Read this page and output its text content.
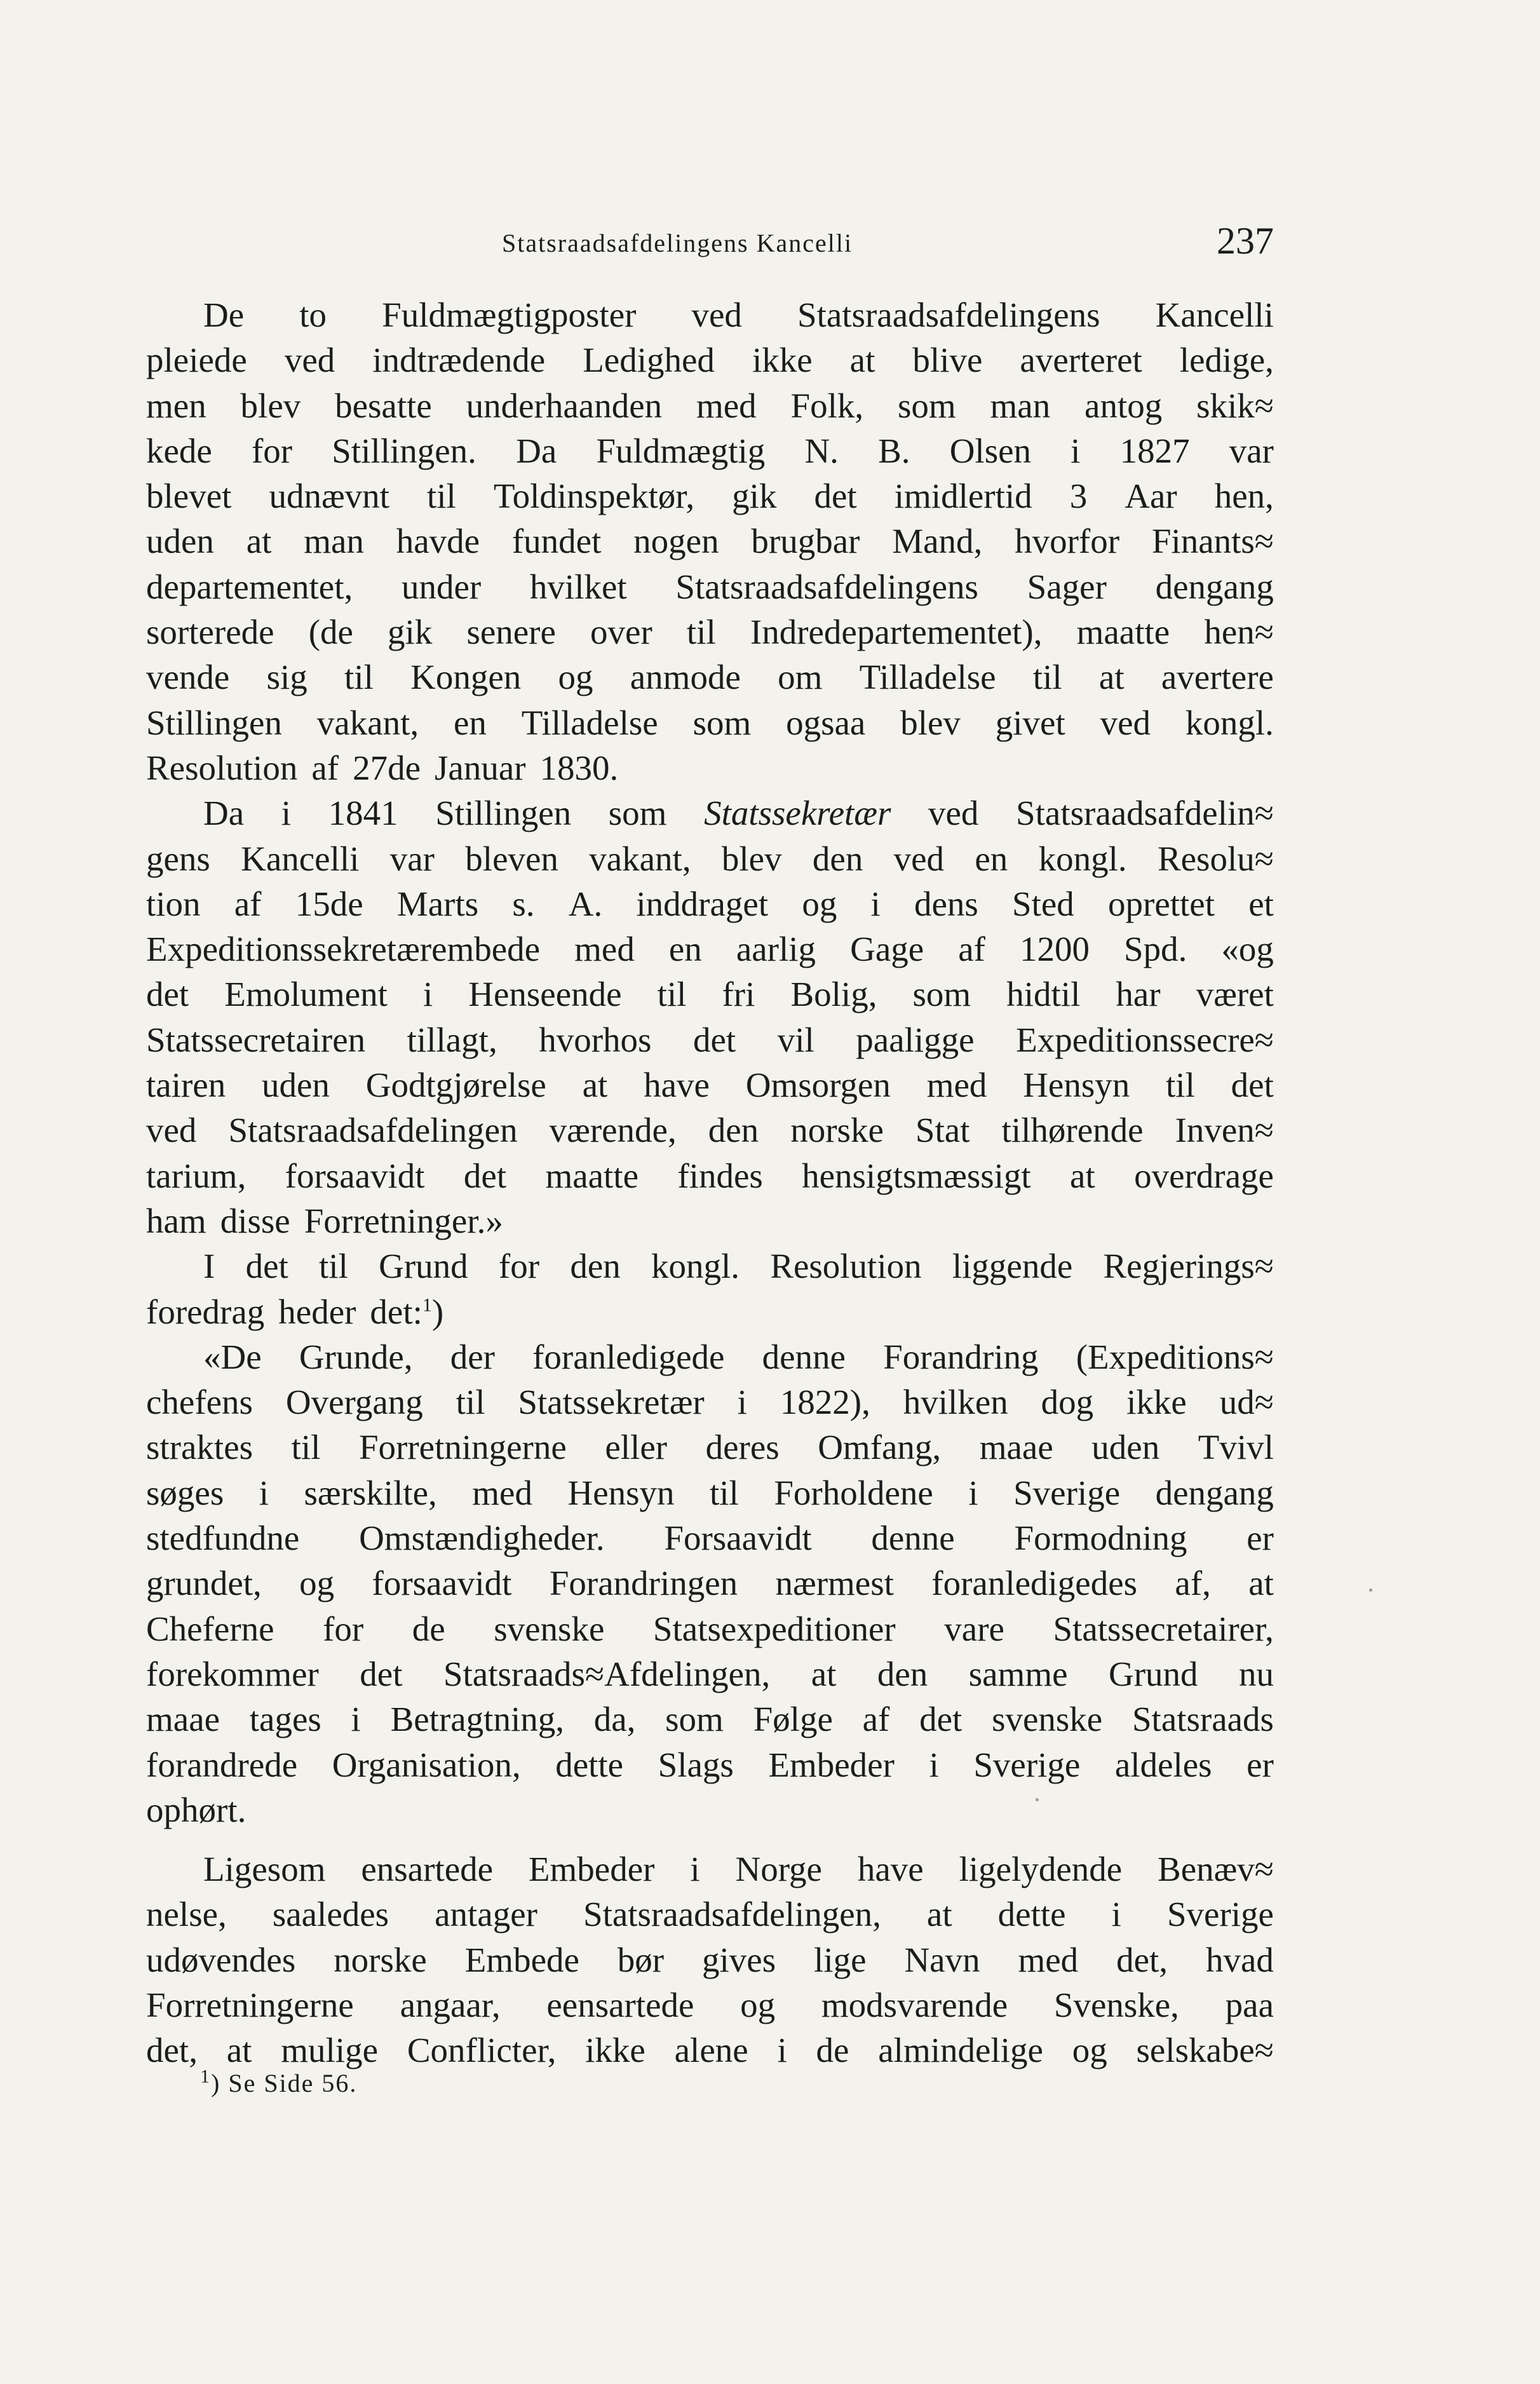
Statsraadsafdelingens Kancelli	237
De to Fuldmægtigposter ved Statsraadsafdelingens Kancelli
pleiede ved indtrædende Ledighed ikke at blive averteret ledige,
men blev besatte underhaanden med Folk, som man antog skik≈
kede for Stillingen. Da Fuldmægtig N. B. Olsen i 1827 var
blevet udnævnt til Toldinspektør, gik det imidlertid 3 Aar hen,
uden at man havde fundet nogen brugbar Mand, hvorfor Finants≈
departementet, under hvilket Statsraadsafdelingens Sager dengang
sorterede (de gik senere over til Indredepartementet), maatte hen≈
vende sig til Kongen og anmode om Tilladelse til at avertere
Stillingen vakant, en Tilladelse som ogsaa blev givet ved kongl.
Resolution af 27de Januar 1830.
Da i 1841 Stillingen som Statssekretær ved Statsraadsafdelin≈
gens Kancelli var bleven vakant, blev den ved en kongl. Resolu≈
tion af 15de Marts s. A. inddraget og i dens Sted oprettet et
Expeditionssekretærembede med en aarlig Gage af 1200 Spd. «og
det Emolument i Henseende til fri Bolig, som hidtil har været
Statssecretairen tillagt, hvorhos det vil paaligge Expeditionssecre≈
tairen uden Godtgjørelse at have Omsorgen med Hensyn til det
ved Statsraadsafdelingen værende, den norske Stat tilhørende Inven≈
tarium, forsaavidt det maatte findes hensigtsmæssigt at overdrage
ham disse Forretninger.»
I det til Grund for den kongl. Resolution liggende Regjerings≈
foredrag heder det:$^1$)
«De Grunde, der foranledigede denne Forandring (Expeditions≈
chefens Overgang til Statssekretær i 1822), hvilken dog ikke ud≈
straktes til Forretningerne eller deres Omfang, maae uden Tvivl
søges i særskilte, med Hensyn til Forholdene i Sverige dengang
stedfundne Omstændigheder. Forsaavidt denne Formodning er
grundet, og forsaavidt Forandringen nærmest foranledigedes af, at
Cheferne for de svenske Statsexpeditioner vare Statssecretairer,
forekommer det Statsraads≈Afdelingen, at den samme Grund nu
maae tages i Betragtning, da, som Følge af det svenske Statsraads
forandrede Organisation, dette Slags Embeder i Sverige aldeles er
ophørt.
Ligesom ensartede Embeder i Norge have ligelydende Benæv≈
nelse, saaledes antager Statsraadsafdelingen, at dette i Sverige
udøvendes norske Embede bør gives lige Navn med det, hvad
Forretningerne angaar, eensartede og modsvarende Svenske, paa
det, at mulige Conflicter, ikke alene i de almindelige og selskabe≈
$^1$) Se Side 56.
